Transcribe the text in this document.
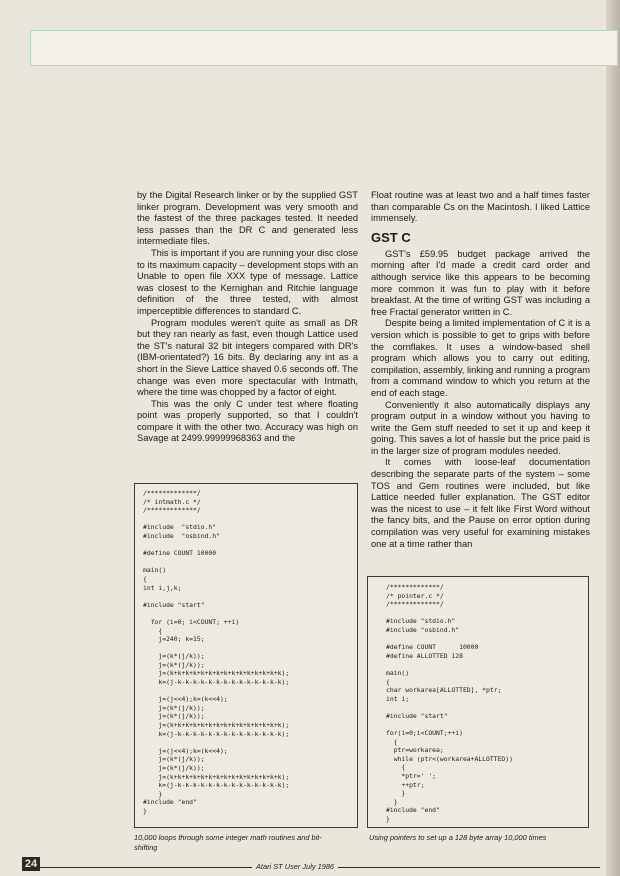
by the Digital Research linker or by the supplied GST linker program. Development was very smooth and the fastest of the three packages tested. It needed less passes than the DR C and generated less intermediate files.

This is important if you are running your disc close to its maximum capacity – development stops with an Unable to open file XXX type of message. Lattice was closest to the Kernighan and Ritchie language definition of the three tested, with almost imperceptible differences to standard C.

Program modules weren't quite as small as DR but they ran nearly as fast, even though Lattice used the ST's natural 32 bit integers compared with DR's (IBM-orientated?) 16 bits. By declaring any int as a short in the Sieve Lattice shaved 0.6 seconds off. The change was even more spectacular with Intmath, where the time was chopped by a factor of eight.

This was the only C under test where floating point was properly supported, so that I couldn't compare it with the other two. Accuracy was high on Savage at 2499.99999968363 and the

Float routine was at least two and a half times faster than comparable Cs on the Macintosh. I liked Lattice immensely.

GST C

GST's £59.95 budget package arrived the morning after I'd made a credit card order and although service like this appears to be becoming more common it was fun to play with it before breakfast. At the time of writing GST was including a free Fractal generator written in C.

Despite being a limited implementation of C it is a version which is possible to get to grips with before the cornflakes. It uses a window-based shell program which allows you to carry out editing, compilation, assembly, linking and running a program from a command window to which you return at the end of each stage.

Conveniently it also automatically displays any program output in a window without you having to write the Gem stuff needed to set it up and keep it going. This saves a lot of hassle but the price paid is in the larger size of program modules needed.

It comes with loose-leaf documentation describing the separate parts of the system – some TOS and Gem routines were included, but like Lattice needed fuller explanation. The GST editor was the nicest to use – it felt like First Word without the fancy bits, and the Pause on error option during compilation was very useful for examining mistakes one at a time rather than

/*************/
/* intmath.c */
/*************/

#include  "stdio.h"
#include  "osbind.h"

#define COUNT 10000

main()
{
int i,j,k;

#include "start"

for (i=0; i<COUNT; ++i)
{
j=240; k=15;

j=(k*(j/k));
j=(k*(j/k));
j=(k+k+k+k+k+k+k+k+k+k+k+k+k+k+k);
k=(j-k-k-k-k-k-k-k-k-k-k-k-k-k-k);

j=(j<<4);k=(k<<4);
j=(k*(j/k));
j=(k*(j/k));
j=(k+k+k+k+k+k+k+k+k+k+k+k+k+k+k);
k=(j-k-k-k-k-k-k-k-k-k-k-k-k-k-k);

j=(j<<4);k=(k<<4);
j=(k*(j/k));
j=(k*(j/k));
j=(k+k+k+k+k+k+k+k+k+k+k+k+k+k+k);
k=(j-k-k-k-k-k-k-k-k-k-k-k-k-k-k);
}
#include "end"
}
/*************/
/* pointer.c */
/*************/

#include "stdio.h"
#include "osbind.h"

#define COUNT      10000
#define ALLOTTED 128

main()
{
char workarea[ALLOTTED], *ptr;
int i;

#include "start"

for(i=0;i<COUNT;++i)
{
ptr=workarea;
while (ptr<(workarea+ALLOTTED))
{
*ptr=' ';
++ptr;
}
}
#include "end"
}
10,000 loops through some integer math routines and bit-shifting
Using pointers to set up a 128 byte array 10,000 times
24	Atari ST User July 1986
